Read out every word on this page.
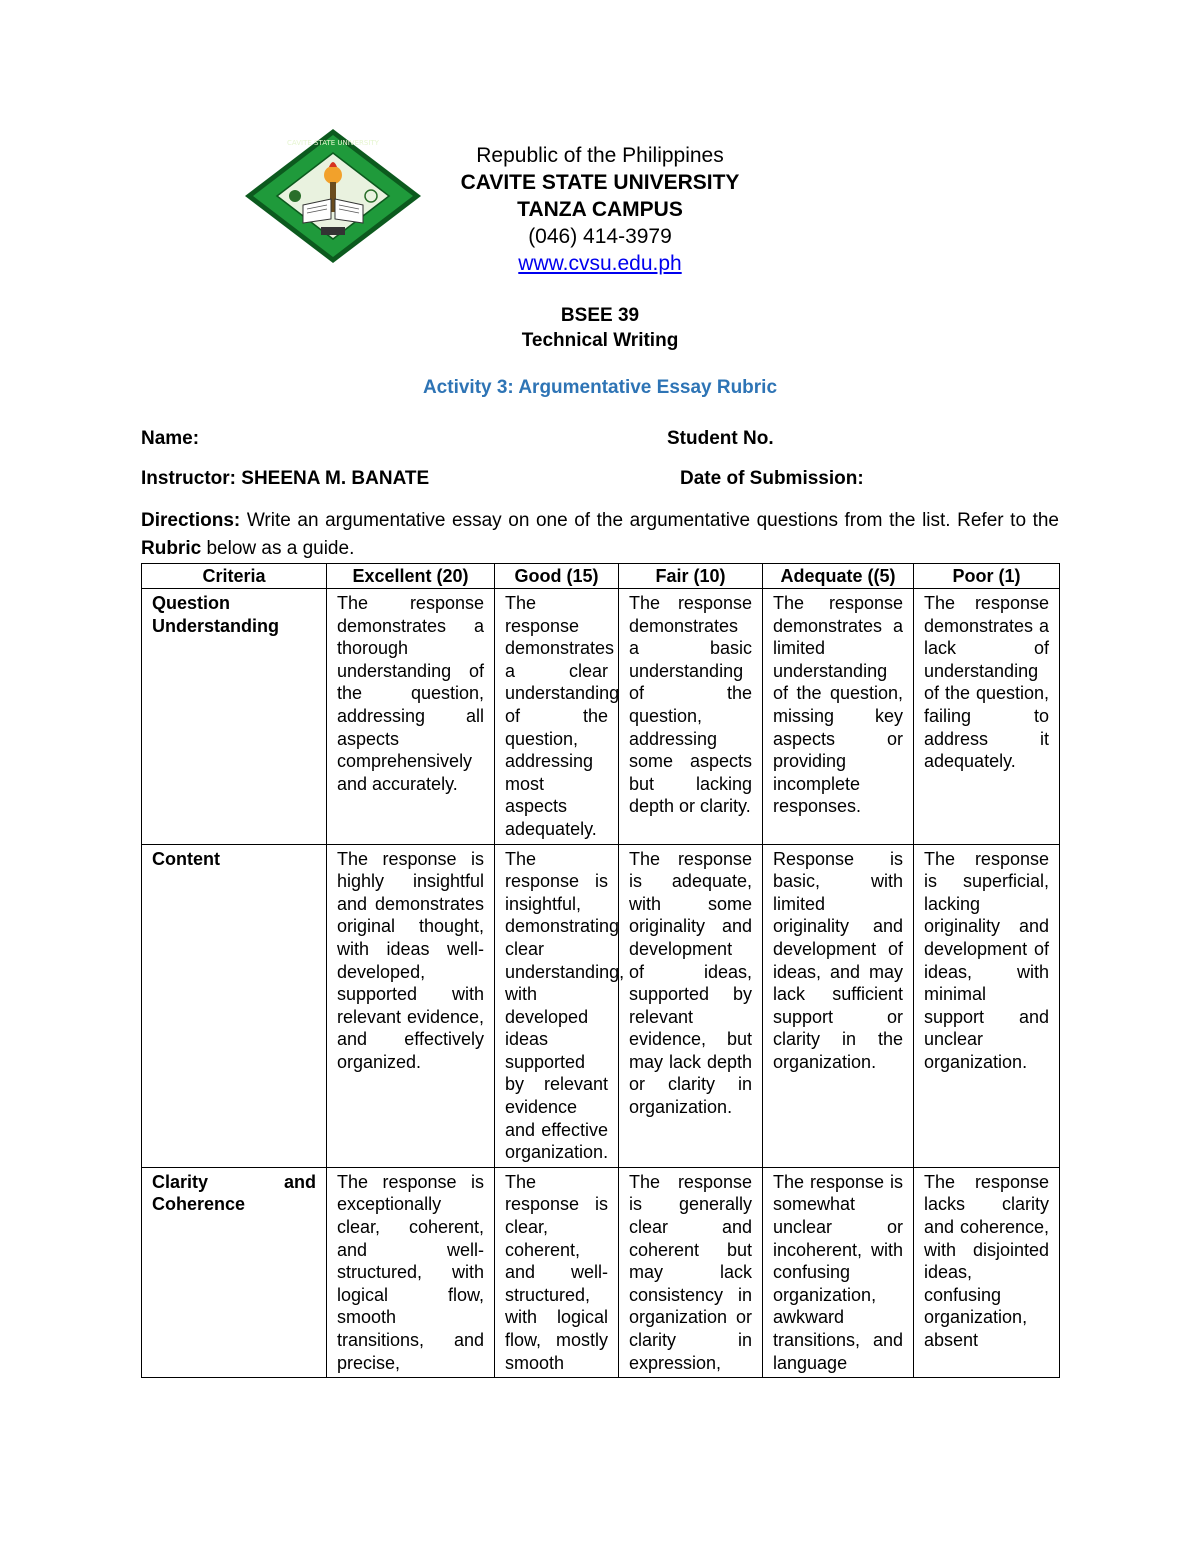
CAVITE STATE UNIVERSITY
Republic of the Philippines
CAVITE STATE UNIVERSITY
TANZA CAMPUS
(046) 414-3979
www.cvsu.edu.ph
BSEE 39
Technical Writing
Activity 3: Argumentative Essay Rubric
Name:	Student No.
Instructor: SHEENA M. BANATE	Date of Submission:
Directions: Write an argumentative essay on one of the argumentative questions from the list. Refer to the Rubric below as a guide.
Criteria	Excellent (20)	Good (15)	Fair (10)	Adequate ((5)	Poor (1)
Question Understanding	The response demonstrates a thorough understanding of the question, addressing all aspects comprehensively and accurately.	The response demonstrates a clear understanding of the question, addressing most aspects adequately.	The response demonstrates a basic understanding of the question, addressing some aspects but lacking depth or clarity.	The response demonstrates a limited understanding of the question, missing key aspects or providing incomplete responses.	The response demonstrates a lack of understanding of the question, failing to address it adequately.
Content	The response is highly insightful and demonstrates original thought, with ideas well-developed, supported with relevant evidence, and effectively organized.	The response is insightful, demonstrating clear understanding, with developed ideas supported by relevant evidence and effective organization.	The response is adequate, with some originality and development of ideas, supported by relevant evidence, but may lack depth or clarity in organization.	Response is basic, with limited originality and development of ideas, and may lack sufficient support or clarity in the organization.	The response is superficial, lacking originality and development of ideas, with minimal support and unclear organization.
Clarity and Coherence	The response is exceptionally clear, coherent, and well-structured, with logical flow, smooth transitions, and precise,	The response is clear, coherent, and well-structured, with logical flow, mostly smooth	The response is generally clear and coherent but may lack consistency in organization or clarity in expression,	The response is somewhat unclear or incoherent, with confusing organization, awkward transitions, and language	The response lacks clarity and coherence, with disjointed ideas, confusing organization, absent
